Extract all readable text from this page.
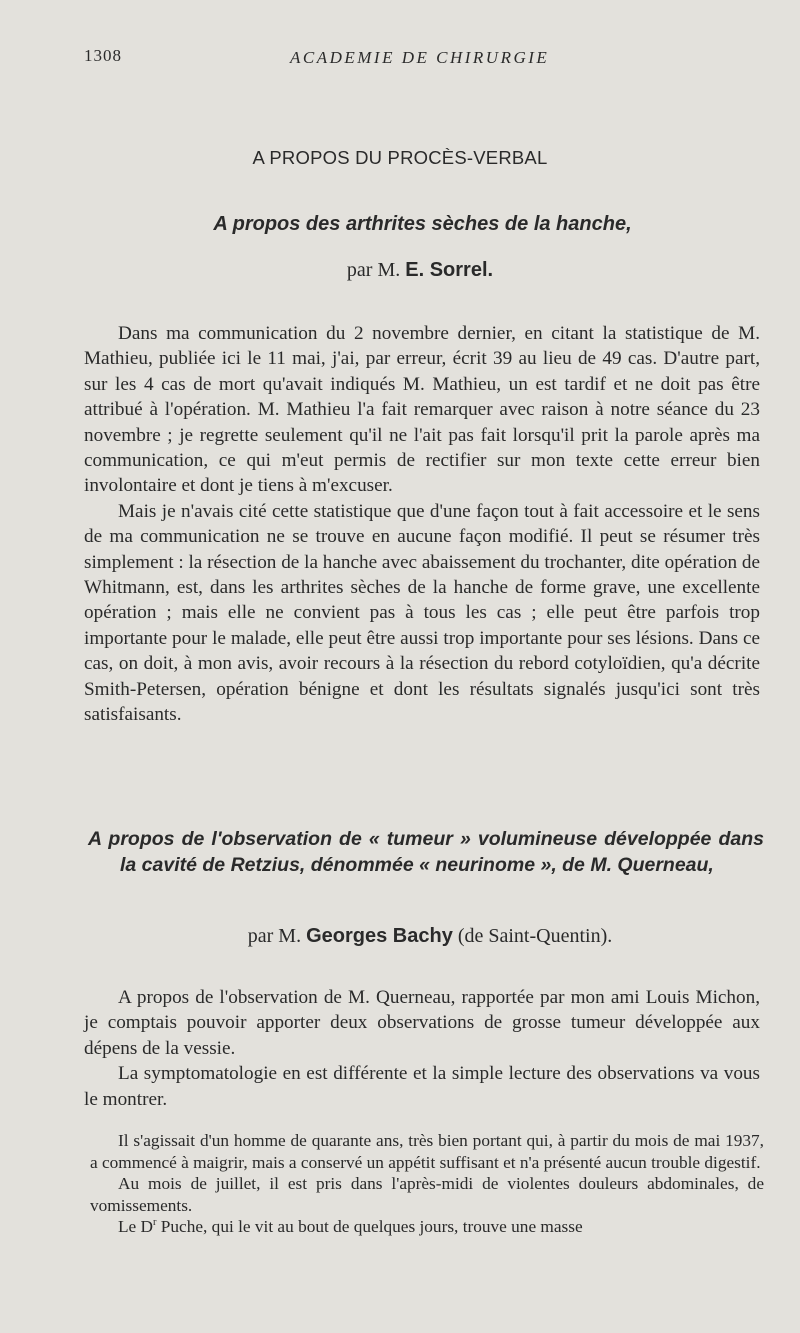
1308	ACADEMIE DE CHIRURGIE
A PROPOS DU PROCÈS-VERBAL
A propos des arthrites sèches de la hanche,
par M. E. Sorrel.

Dans ma communication du 2 novembre dernier, en citant la statistique de M. Mathieu, publiée ici le 11 mai, j'ai, par erreur, écrit 39 au lieu de 49 cas. D'autre part, sur les 4 cas de mort qu'avait indiqués M. Mathieu, un est tardif et ne doit pas être attribué à l'opération. M. Mathieu l'a fait remarquer avec raison à notre séance du 23 novembre ; je regrette seulement qu'il ne l'ait pas fait lorsqu'il prit la parole après ma communication, ce qui m'eut permis de rectifier sur mon texte cette erreur bien involontaire et dont je tiens à m'excuser.

Mais je n'avais cité cette statistique que d'une façon tout à fait accessoire et le sens de ma communication ne se trouve en aucune façon modifié. Il peut se résumer très simplement : la résection de la hanche avec abaissement du trochanter, dite opération de Whitmann, est, dans les arthrites sèches de la hanche de forme grave, une excellente opération ; mais elle ne convient pas à tous les cas ; elle peut être parfois trop importante pour le malade, elle peut être aussi trop importante pour ses lésions. Dans ce cas, on doit, à mon avis, avoir recours à la résection du rebord cotyloïdien, qu'a décrite Smith-Petersen, opération bénigne et dont les résultats signalés jusqu'ici sont très satisfaisants.

A propos de l'observation de « tumeur » volumineuse développée dans la cavité de Retzius, dénommée « neurinome », de M. Querneau,
par M. Georges Bachy (de Saint-Quentin).

A propos de l'observation de M. Querneau, rapportée par mon ami Louis Michon, je comptais pouvoir apporter deux observations de grosse tumeur développée aux dépens de la vessie.

La symptomatologie en est différente et la simple lecture des observations va vous le montrer.

Il s'agissait d'un homme de quarante ans, très bien portant qui, à partir du mois de mai 1937, a commencé à maigrir, mais a conservé un appétit suffisant et n'a présenté aucun trouble digestif.

Au mois de juillet, il est pris dans l'après-midi de violentes douleurs abdominales, de vomissements.

Le $D^r$ Puche, qui le vit au bout de quelques jours, trouve une masse
